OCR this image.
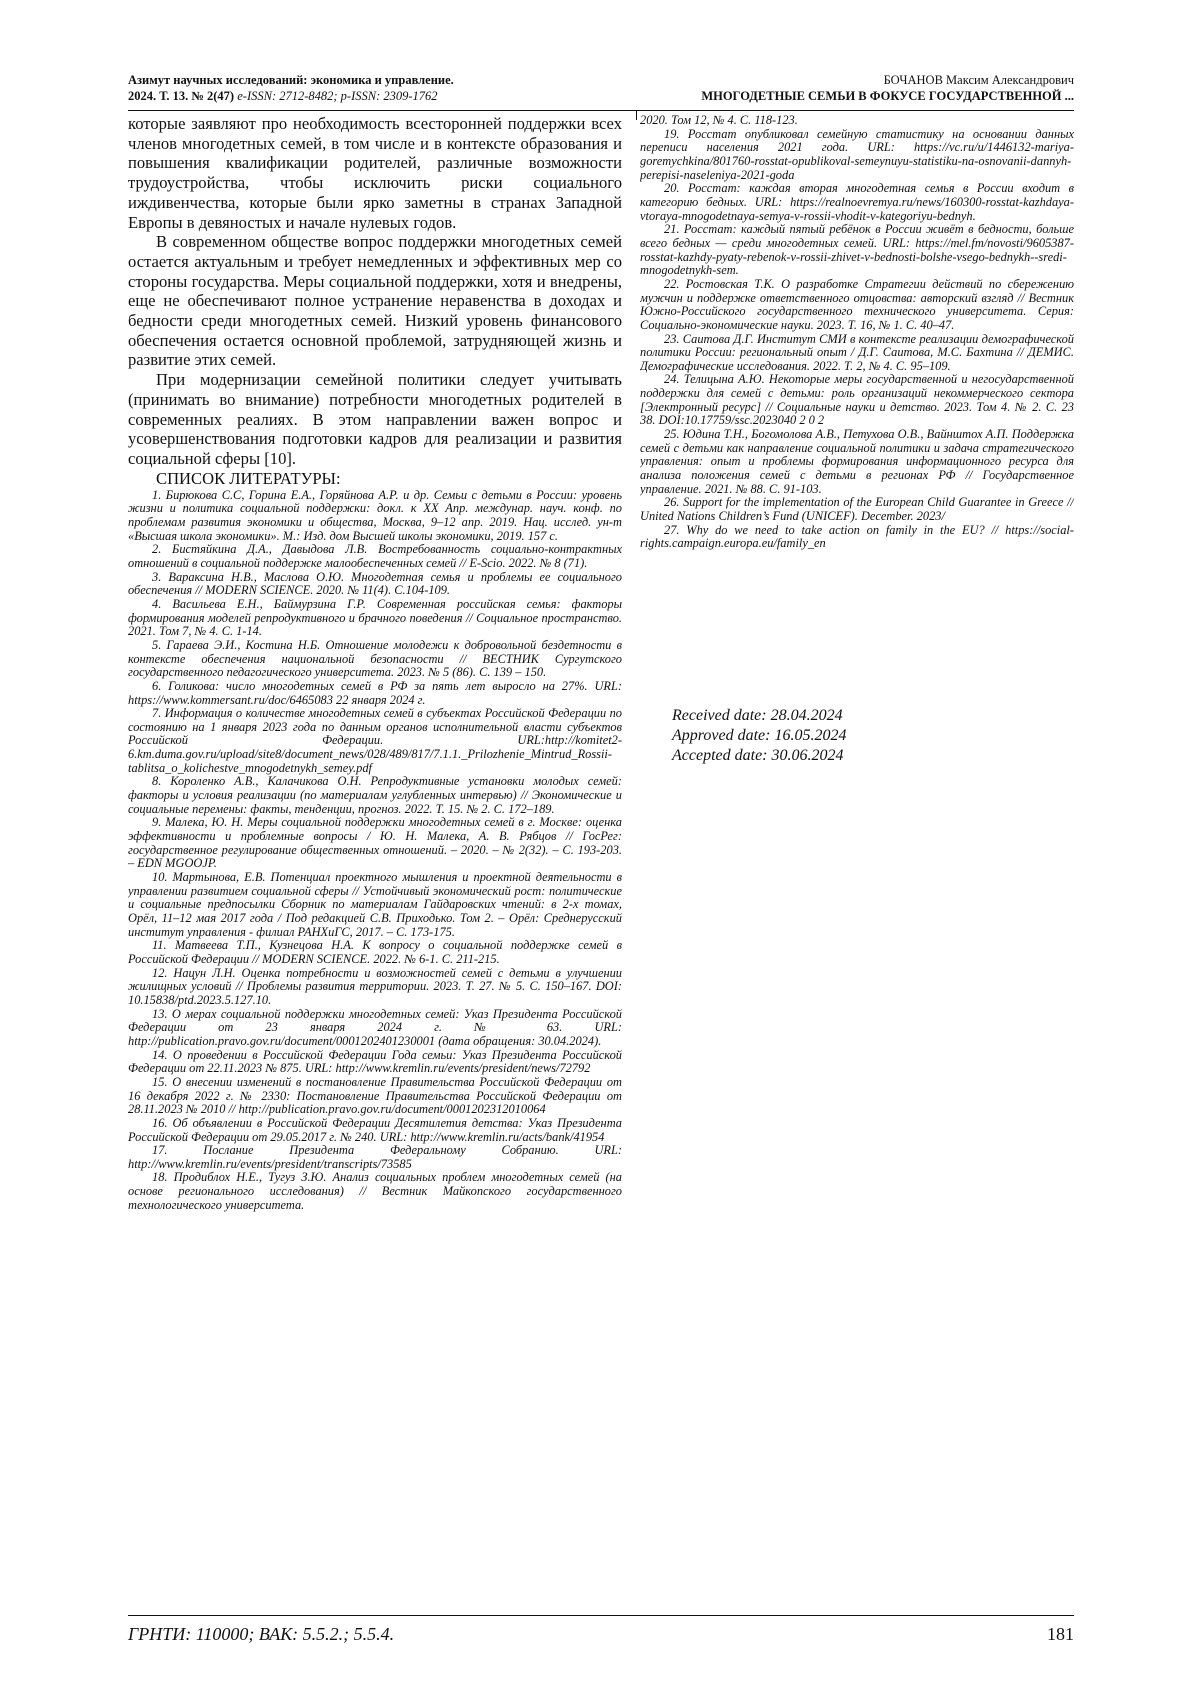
Азимут научных исследований: экономика и управление.
2024. Т. 13. № 2(47) e-ISSN: 2712-8482; p-ISSN: 2309-1762
БОЧАНОВ Максим Александрович
МНОГОДЕТНЫЕ СЕМЬИ В ФОКУСЕ ГОСУДАРСТВЕННОЙ ...

которые заявляют про необходимость всесторонней поддержки всех членов многодетных семей, в том числе и в контексте образования и повышения квалификации родителей, различные возможности трудоустройства, чтобы исключить риски социального иждивенчества, которые были ярко заметны в странах Западной Европы в девяностых и начале нулевых годов.

В современном обществе вопрос поддержки многодетных семей остается актуальным и требует немедленных и эффективных мер со стороны государства. Меры социальной поддержки, хотя и внедрены, еще не обеспечивают полное устранение неравенства в доходах и бедности среди многодетных семей. Низкий уровень финансового обеспечения остается основной проблемой, затрудняющей жизнь и развитие этих семей.

При модернизации семейной политики следует учитывать (принимать во внимание) потребности многодетных родителей в современных реалиях. В этом направлении важен вопрос и усовершенствования подготовки кадров для реализации и развития социальной сферы [10].

СПИСОК ЛИТЕРАТУРЫ:

1. Бирюкова С.С, Горина Е.А., Горяйнова А.Р. и др. Семьи с детьми в России: уровень жизни и политика социальной поддержки: докл. к XX Апр. междунар. науч. конф. по проблемам развития экономики и общества, Москва, 9–12 апр. 2019. Нац. исслед. ун-т «Высшая школа экономики». М.: Изд. дом Высшей школы экономики, 2019. 157 с.

2. Бистяйкина Д.А., Давыдова Л.В. Востребованность социально-контрактных отношений в социальной поддержке малообеспеченных семей // E-Scio. 2022. № 8 (71).

3. Вараксина Н.В., Маслова О.Ю. Многодетная семья и проблемы ее социального обеспечения // MODERN SCIENCE. 2020. № 11(4). С.104-109.

4. Васильева Е.Н., Баймурзина Г.Р. Современная российская семья: факторы формирования моделей репродуктивного и брачного поведения // Социальное пространство. 2021. Том 7, № 4. С. 1-14.

5. Гараева Э.И., Костина Н.Б. Отношение молодежи к добровольной бездетности в контексте обеспечения национальной безопасности // ВЕСТНИК Сургутского государственного педагогического университета. 2023. № 5 (86). С. 139 – 150.

6. Голикова: число многодетных семей в РФ за пять лет выросло на 27%. URL: https://www.kommersant.ru/doc/6465083 22 января 2024 г.

7. Информация о количестве многодетных семей в субъектах Российской Федерации по состоянию на 1 января 2023 года по данным органов исполнительной власти субъектов Российской Федерации. URL:http://komitet2-6.km.duma.gov.ru/upload/site8/document_news/028/489/817/7.1.1._Prilozhenie_Mintrud_Rossii-tablitsa_o_kolichestve_mnogodetnykh_semey.pdf

8. Короленко А.В., Калачикова О.Н. Репродуктивные установки молодых семей: факторы и условия реализации (по материалам углубленных интервью) // Экономические и социальные перемены: факты, тенденции, прогноз. 2022. Т. 15. № 2. С. 172–189.

9. Малека, Ю. Н. Меры социальной поддержки многодетных семей в г. Москве: оценка эффективности и проблемные вопросы / Ю. Н. Малека, А. В. Рябцов // ГосРег: государственное регулирование общественных отношений. – 2020. – № 2(32). – С. 193-203. – EDN MGOOJP.

10. Мартынова, Е.В. Потенциал проектного мышления и проектной деятельности в управлении развитием социальной сферы // Устойчивый экономический рост: политические и социальные предпосылки Сборник по материалам Гайдаровских чтений: в 2-х томах, Орёл, 11–12 мая 2017 года / Под редакцией С.В. Приходько. Том 2. – Орёл: Среднерусский институт управления - филиал РАНХиГС, 2017. – С. 173-175.

11. Матвеева Т.П., Кузнецова Н.А. К вопросу о социальной поддержке семей в Российской Федерации // MODERN SCIENCE. 2022. № 6-1. С. 211-215.

12. Нацун Л.Н. Оценка потребности и возможностей семей с детьми в улучшении жилищных условий // Проблемы развития территории. 2023. Т. 27. № 5. С. 150–167. DOI: 10.15838/ptd.2023.5.127.10.

13. О мерах социальной поддержки многодетных семей: Указ Президента Российской Федерации от 23 января 2024 г. № 63. URL: http://publication.pravo.gov.ru/document/0001202401230001 (дата обращения: 30.04.2024).

14. О проведении в Российской Федерации Года семьи: Указ Президента Российской Федерации от 22.11.2023 № 875. URL: http://www.kremlin.ru/events/president/news/72792

15. О внесении изменений в постановление Правительства Российской Федерации от 16 декабря 2022 г. № 2330: Постановление Правительства Российской Федерации от 28.11.2023 № 2010 // http://publication.pravo.gov.ru/document/0001202312010064

16. Об объявлении в Российской Федерации Десятилетия детства: Указ Президента Российской Федерации от 29.05.2017 г. № 240. URL: http://www.kremlin.ru/acts/bank/41954

17. Послание Президента Федеральному Собранию. URL: http://www.kremlin.ru/events/president/transcripts/73585

18. Продиблох Н.Е., Тугуз З.Ю. Анализ социальных проблем многодетных семей (на основе регионального исследования) // Вестник Майкопского государственного технологического университета.

2020. Том 12, № 4. С. 118-123.

19. Росстат опубликовал семейную статистику на основании данных переписи населения 2021 года. URL: https://vc.ru/u/1446132-mariya-goremychkina/801760-rosstat-opublikoval-semeynuyu-statistiku-na-osnovanii-dannyh-perepisi-naseleniya-2021-goda

20. Росстат: каждая вторая многодетная семья в России входит в категорию бедных. URL: https://realnoevremya.ru/news/160300-rosstat-kazhdaya-vtoraya-mnogodetnaya-semya-v-rossii-vhodit-v-kategoriyu-bednyh.

21. Росстат: каждый пятый ребёнок в России живёт в бедности, больше всего бедных — среди многодетных семей. URL: https://mel.fm/novosti/9605387-rosstat-kazhdy-pyaty-rebenok-v-rossii-zhivet-v-bednosti-bolshe-vsego-bednykh--sredi-mnogodetnykh-sem.

22. Ростовская Т.К. О разработке Стратегии действий по сбережению мужчин и поддержке ответственного отцовства: авторский взгляд // Вестник Южно-Российского государственного технического университета. Серия: Социально-экономические науки. 2023. Т. 16, № 1. С. 40–47.

23. Саитова Д.Г. Институт СМИ в контексте реализации демографической политики России: региональный опыт / Д.Г. Саитова, М.С. Бахтина // ДЕМИС. Демографические исследования. 2022. Т. 2, № 4. С. 95–109.

24. Телицына А.Ю. Некоторые меры государственной и негосударственной поддержки для семей с детьми: роль организаций некоммерческого сектора [Электронный ресурс] // Социальные науки и детство. 2023. Том 4. № 2. С. 23 38. DOI:10.17759/ssc.2023040 2 0 2

25. Юдина Т.Н., Богомолова А.В., Петухова О.В., Вайнштох А.П. Поддержка семей с детьми как направление социальной политики и задача стратегического управления: опыт и проблемы формирования информационного ресурса для анализа положения семей с детьми в регионах РФ // Государственное управление. 2021. № 88. С. 91-103.

26. Support for the implementation of the European Child Guarantee in Greece // United Nations Children’s Fund (UNICEF). December. 2023/

27. Why do we need to take action on family in the EU? // https://social-rights.campaign.europa.eu/family_en

Received date: 28.04.2024
Approved date: 16.05.2024
Accepted date: 30.06.2024
ГРНТИ: 110000; ВАК: 5.5.2.; 5.5.4.	181
